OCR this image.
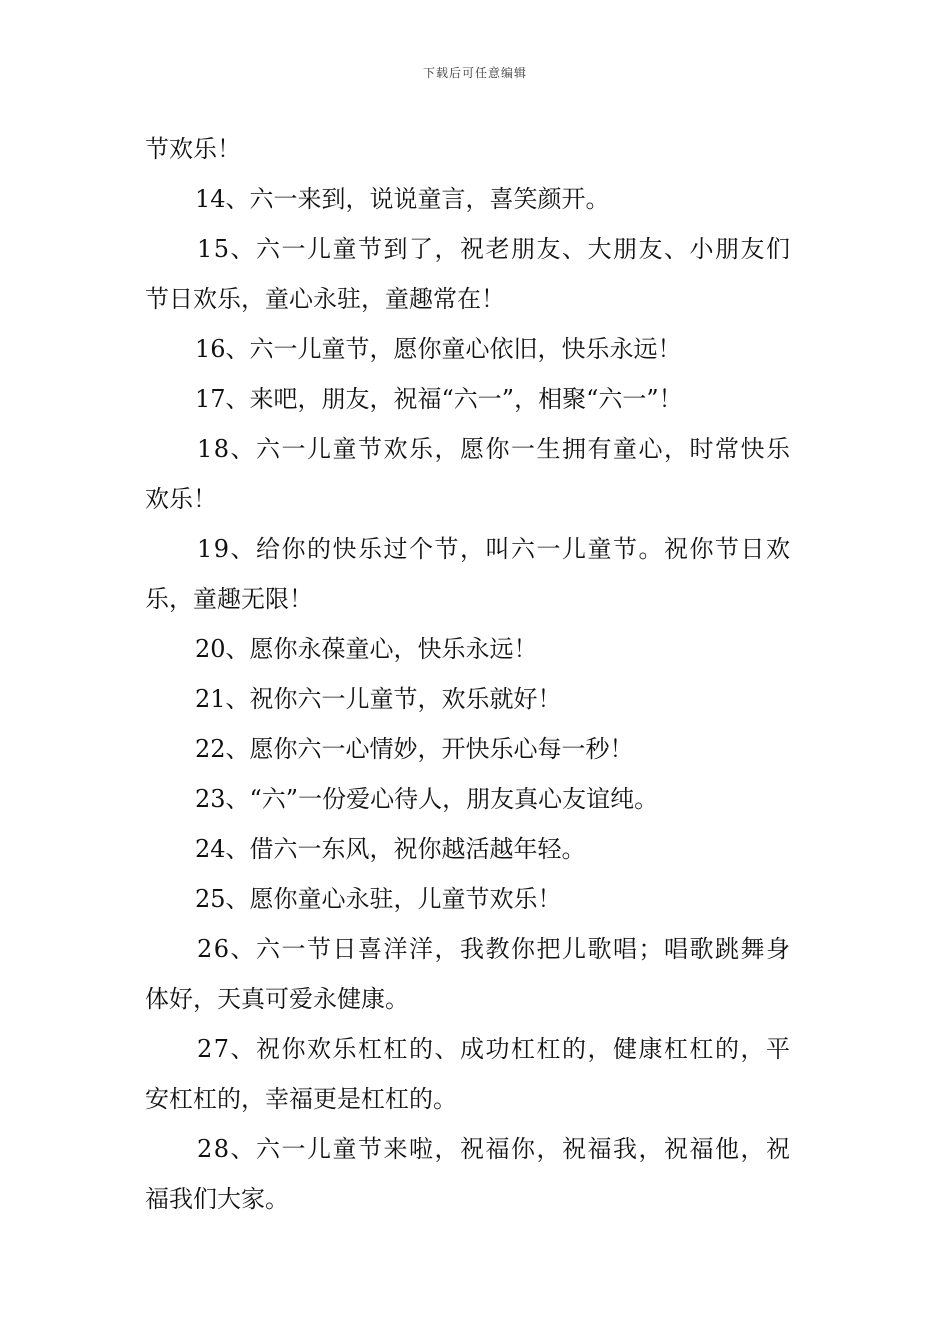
下载后可任意编辑
节欢乐！
14、六一来到，说说童言，喜笑颜开。
15、六一儿童节到了，祝老朋友、大朋友、小朋友们
节日欢乐，童心永驻，童趣常在！
16、六一儿童节，愿你童心依旧，快乐永远！
17、来吧，朋友，祝福“六一”，相聚“六一”！
18、六一儿童节欢乐，愿你一生拥有童心，时常快乐
欢乐！
19、给你的快乐过个节，叫六一儿童节。祝你节日欢
乐，童趣无限！
20、愿你永葆童心，快乐永远！
21、祝你六一儿童节，欢乐就好！
22、愿你六一心情妙，开快乐心每一秒！
23、“六”一份爱心待人，朋友真心友谊纯。
24、借六一东风，祝你越活越年轻。
25、愿你童心永驻，儿童节欢乐！
26、六一节日喜洋洋，我教你把儿歌唱；唱歌跳舞身
体好，天真可爱永健康。
27、祝你欢乐杠杠的、成功杠杠的，健康杠杠的，平
安杠杠的，幸福更是杠杠的。
28、六一儿童节来啦，祝福你，祝福我，祝福他，祝
福我们大家。
